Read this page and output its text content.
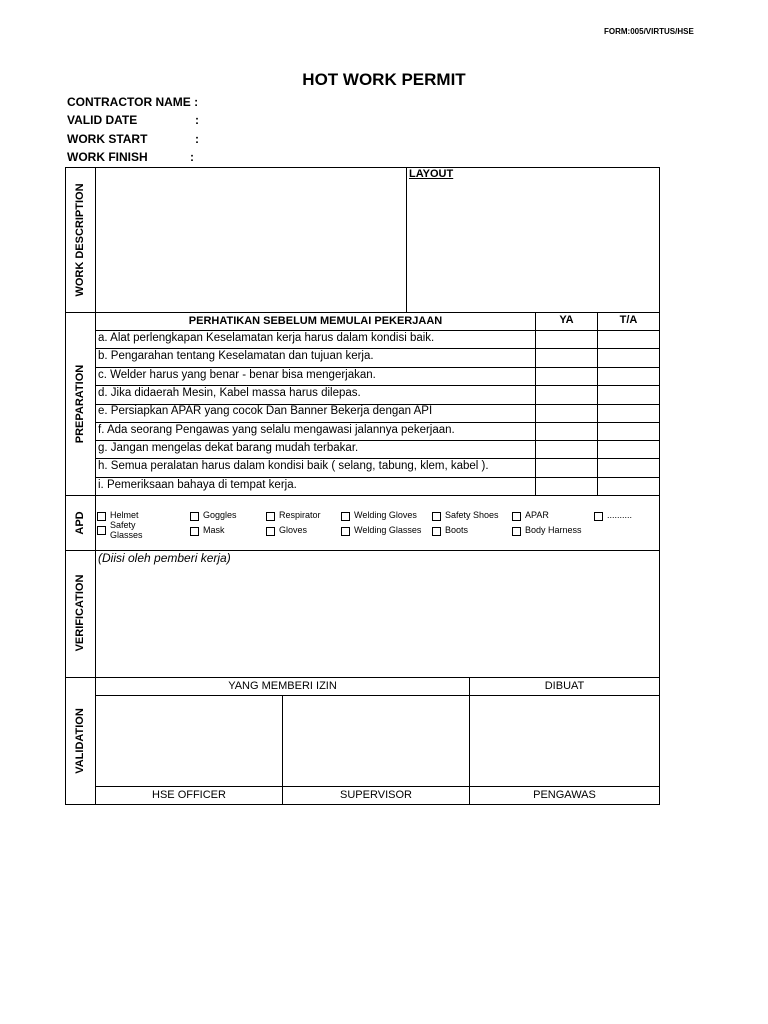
FORM:005/VIRTUS/HSE
HOT WORK PERMIT
CONTRACTOR NAME :
VALID DATE	:
WORK START	:
WORK FINISH	:
WORK DESCRIPTION
PREPARATION
APD
VERIFICATION
VALIDATION
LAYOUT
PERHATIKAN SEBELUM MEMULAI PEKERJAAN	YA	T/A
a. Alat perlengkapan Keselamatan kerja harus dalam kondisi baik.
b. Pengarahan tentang Keselamatan dan tujuan kerja.
c. Welder harus yang benar - benar bisa mengerjakan.
d. Jika didaerah Mesin, Kabel massa harus dilepas.
e. Persiapkan APAR yang cocok Dan Banner Bekerja dengan API
f. Ada seorang Pengawas yang selalu mengawasi jalannya pekerjaan.
g. Jangan mengelas dekat barang mudah terbakar.
h. Semua peralatan harus dalam kondisi baik ( selang, tabung, klem, kabel ).
i. Pemeriksaan bahaya di tempat kerja.
Helmet	Goggles	Respirator	Welding Gloves	Safety Shoes	APAR	..........
Safety Glasses	Mask	Gloves	Welding Glasses	Boots	Body Harness
(Diisi oleh pemberi kerja)
YANG MEMBERI IZIN	DIBUAT
HSE OFFICER	SUPERVISOR	PENGAWAS
